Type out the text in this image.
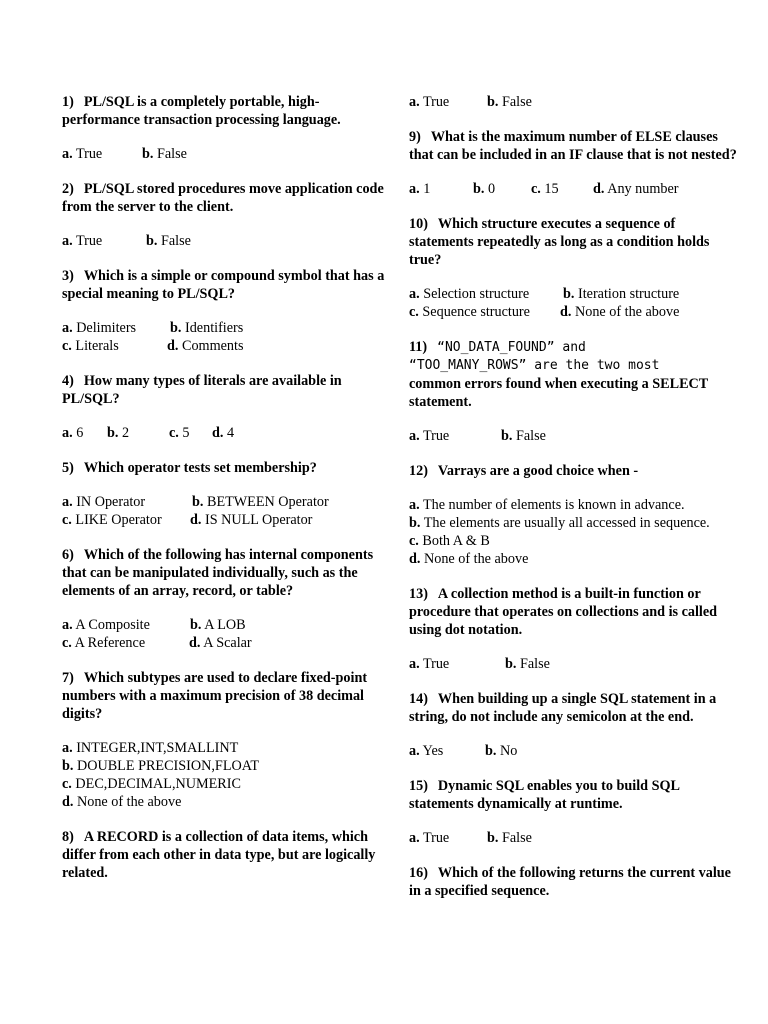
1) PL/SQL is a completely portable, high-performance transaction processing language.

a. True	b. False

2) PL/SQL stored procedures move application code from the server to the client.

a. True	b. False

3) Which is a simple or compound symbol that has a special meaning to PL/SQL?

a. Delimiters	b. Identifiers
c. Literals	d. Comments

4) How many types of literals are available in PL/SQL?

a. 6	b. 2	c. 5	d. 4

5) Which operator tests set membership?

a. IN Operator	b. BETWEEN Operator
c. LIKE Operator	d. IS NULL Operator

6) Which of the following has internal components that can be manipulated individually, such as the elements of an array, record, or table?

a. A Composite	b. A LOB
c. A Reference	d. A Scalar

7) Which subtypes are used to declare fixed-point numbers with a maximum precision of 38 decimal digits?

a. INTEGER,INT,SMALLINT
b. DOUBLE PRECISION,FLOAT
c. DEC,DECIMAL,NUMERIC
d. None of the above

8) A RECORD is a collection of data items, which differ from each other in data type, but are logically related.

a. True	b. False

9) What is the maximum number of ELSE clauses that can be included in an IF clause that is not nested?

a. 1	b. 0	c. 15	d. Any number

10) Which structure executes a sequence of statements repeatedly as long as a condition holds true?

a. Selection structure	b. Iteration structure
c. Sequence structure	d. None of the above
11) “NO_DATA_FOUND” and
“TOO_MANY_ROWS” are the two most
common errors found when executing a SELECT statement.
a. True	b. False

12) Varrays are a good choice when -

a. The number of elements is known in advance.
b. The elements are usually all accessed in sequence.
c. Both A & B
d. None of the above

13) A collection method is a built-in function or procedure that operates on collections and is called using dot notation.

a. True	b. False

14) When building up a single SQL statement in a string, do not include any semicolon at the end.

a. Yes	b. No

15) Dynamic SQL enables you to build SQL statements dynamically at runtime.

a. True	b. False

16) Which of the following returns the current value in a specified sequence.
